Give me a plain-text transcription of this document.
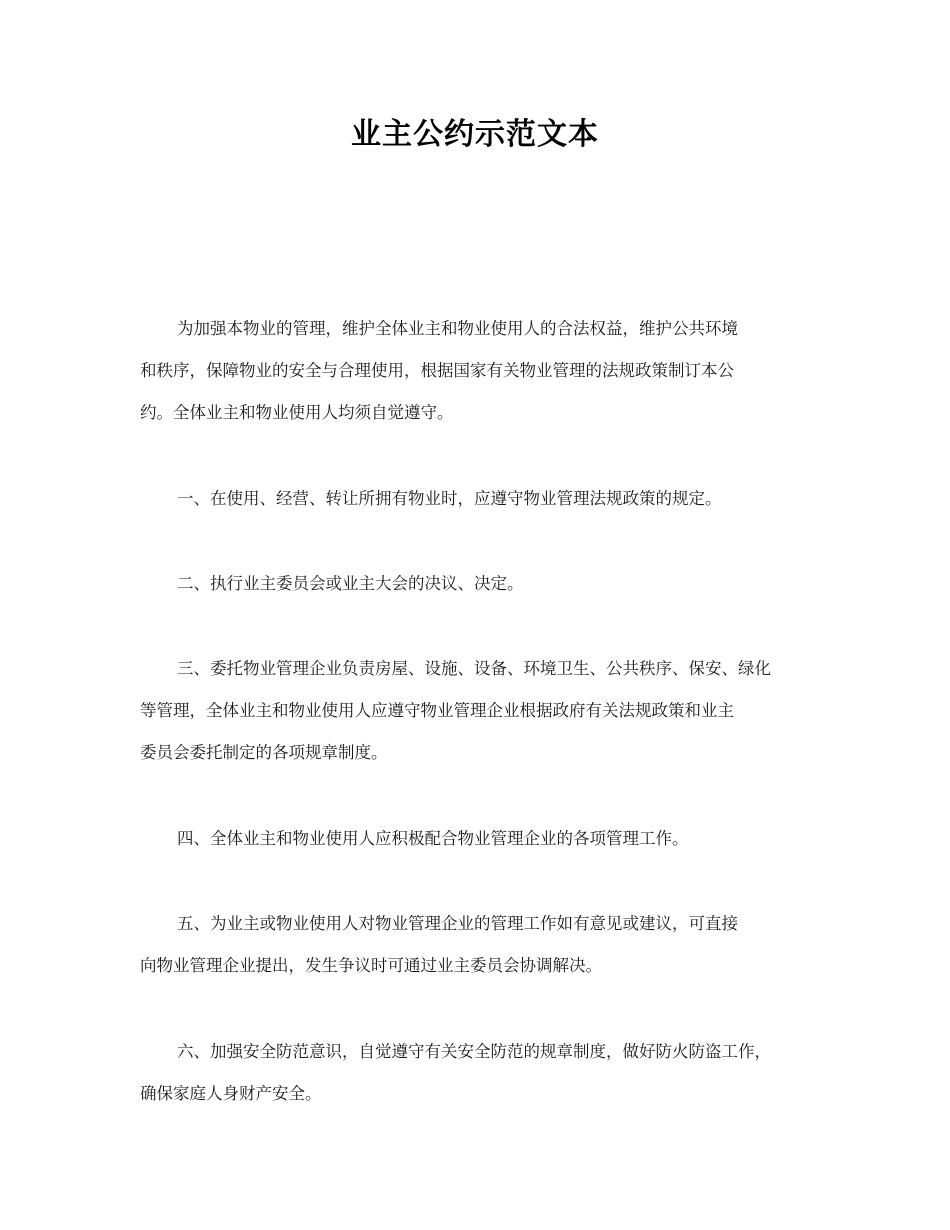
业主公约示范文本
为加强本物业的管理，维护全体业主和物业使用人的合法权益，维护公共环境
和秩序，保障物业的安全与合理使用，根据国家有关物业管理的法规政策制订本公
约。全体业主和物业使用人均须自觉遵守。
一、在使用、经营、转让所拥有物业时，应遵守物业管理法规政策的规定。
二、执行业主委员会或业主大会的决议、决定。
三、委托物业管理企业负责房屋、设施、设备、环境卫生、公共秩序、保安、绿化
等管理，全体业主和物业使用人应遵守物业管理企业根据政府有关法规政策和业主
委员会委托制定的各项规章制度。
四、全体业主和物业使用人应积极配合物业管理企业的各项管理工作。
五、为业主或物业使用人对物业管理企业的管理工作如有意见或建议，可直接
向物业管理企业提出，发生争议时可通过业主委员会协调解决。
六、加强安全防范意识，自觉遵守有关安全防范的规章制度，做好防火防盗工作，
确保家庭人身财产安全。
